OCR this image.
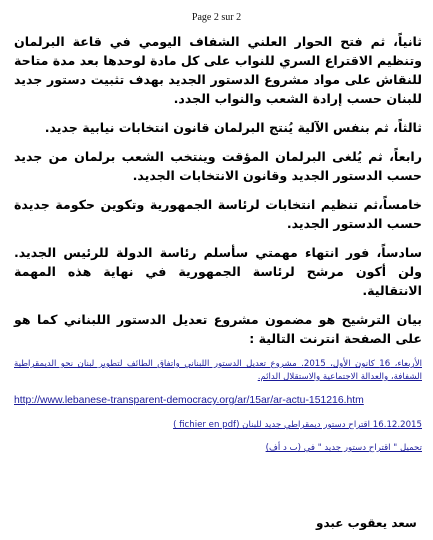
Page 2 sur 2

ثانياً، ثم فتح الحوار العلني الشفاف اليومي في قاعة البرلمان وتنظيم الاقتراع السري للنواب على كل مادة لوحدها بعد مدة متاحة للنقاش على مواد مشروع الدستور الجديد بهدف تثبيت دستور جديد للبنان حسب إرادة الشعب والنواب الجدد.

ثالثاً، ثم بنفس الآلية يُنتج البرلمان قانون انتخابات نيابية جديد.

رابعاً، ثم يُلغى البرلمان المؤقت وينتخب الشعب برلمان من جديد حسب الدستور الجديد وقانون الانتخابات الجديد.

خامساً،ثم تنظيم انتخابات لرئاسة الجمهورية وتكوين حكومة جديدة حسب الدستور الجديد.

سادساً، فور انتهاء مهمتي سأسلم رئاسة الدولة للرئيس الجديد. ولن أكون مرشح لرئاسة الجمهورية في نهاية هذه المهمة الانتقالية.

بيان الترشيح هو مضمون مشروع تعديل الدستور اللبناني كما هو على الصفحة انترنت التالية :

الأربعاء، 16 كانون الأول، 2015. مشروع تعديل الدستور اللبناني واتفاق الطائف لتطوير لبنان نحو الديمقراطية الشفافة، والعدالة الاجتماعية والاستقلال الدائم.
http://www.lebanese-transparent-democracy.org/ar/15ar/ar-actu-151216.htm
16.12.2015 اقتراح دستور ديمقراطي جديد للبنان ( fichier en pdf)
تحميل " اقتراح دستور جديد " في (ب د أف)
سعد يعقوب عبدو
